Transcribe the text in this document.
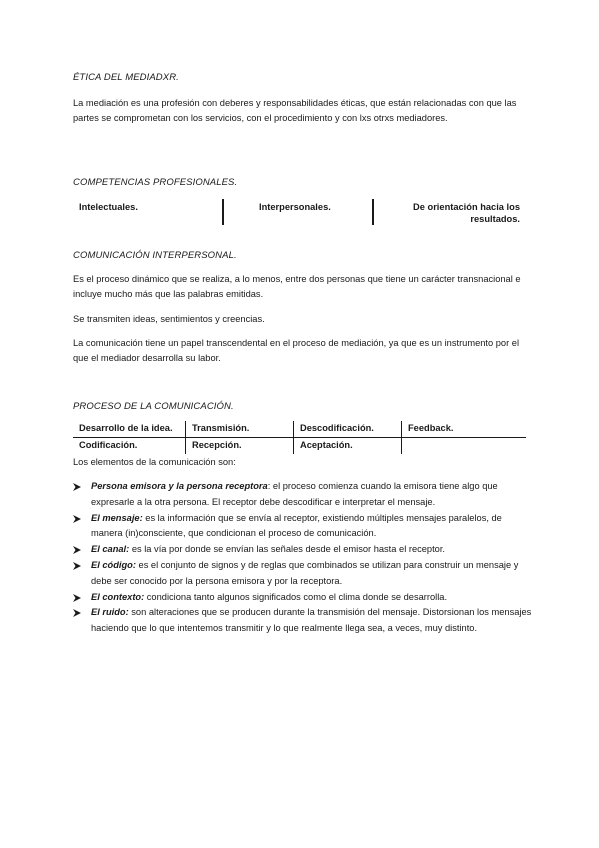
ÉTICA DEL MEDIADXR.
La mediación es una profesión con deberes y responsabilidades éticas, que están relacionadas con que las partes se comprometan con los servicios, con el procedimiento y con lxs otrxs mediadores.
COMPETENCIAS PROFESIONALES.
Intelectuales.	Interpersonales.	De orientación hacia los resultados.
COMUNICACIÓN INTERPERSONAL.
Es el proceso dinámico que se realiza, a lo menos, entre dos personas que tiene un carácter transnacional e incluye mucho más que las palabras emitidas.
Se transmiten ideas, sentimientos y creencias.
La comunicación tiene un papel transcendental en el proceso de mediación, ya que es un instrumento por el que el mediador desarrolla su labor.
PROCESO DE LA COMUNICACIÓN.
Desarrollo de la idea.	Transmisión.	Descodificación.	Feedback.
Codificación.	Recepción.	Aceptación.	
Los elementos de la comunicación son:
Persona emisora y la persona receptora: el proceso comienza cuando la emisora tiene algo que expresarle a la otra persona. El receptor debe descodificar e interpretar el mensaje.
El mensaje: es la información que se envía al receptor, existiendo múltiples mensajes paralelos, de manera (in)consciente, que condicionan el proceso de comunicación.
El canal: es la vía por donde se envían las señales desde el emisor hasta el receptor.
El código: es el conjunto de signos y de reglas que combinados se utilizan para construir un mensaje y debe ser conocido por la persona emisora y por la receptora.
El contexto: condiciona tanto algunos significados como el clima donde se desarrolla.
El ruido: son alteraciones que se producen durante la transmisión del mensaje. Distorsionan los mensajes haciendo que lo que intentemos transmitir y lo que realmente llega sea, a veces, muy distinto.
